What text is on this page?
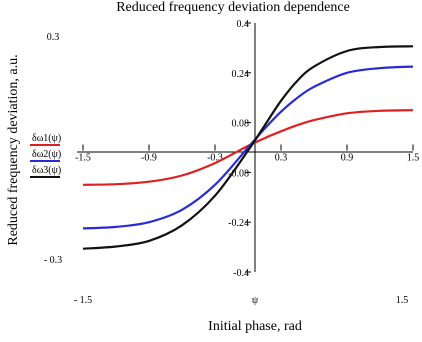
Reduced frequency deviation dependence
-1.5	-0.9	-0.3	0.3	0.9	1.5
0.4
0.24
0.08
-0.08
-0.24
-0.4
0.3
- 0.3
- 1.5	ψ	1.5
Initial phase, rad
Reduced frequency deviation, a.u. δω1(ψ)
δω2(ψ)
δω3(ψ)
